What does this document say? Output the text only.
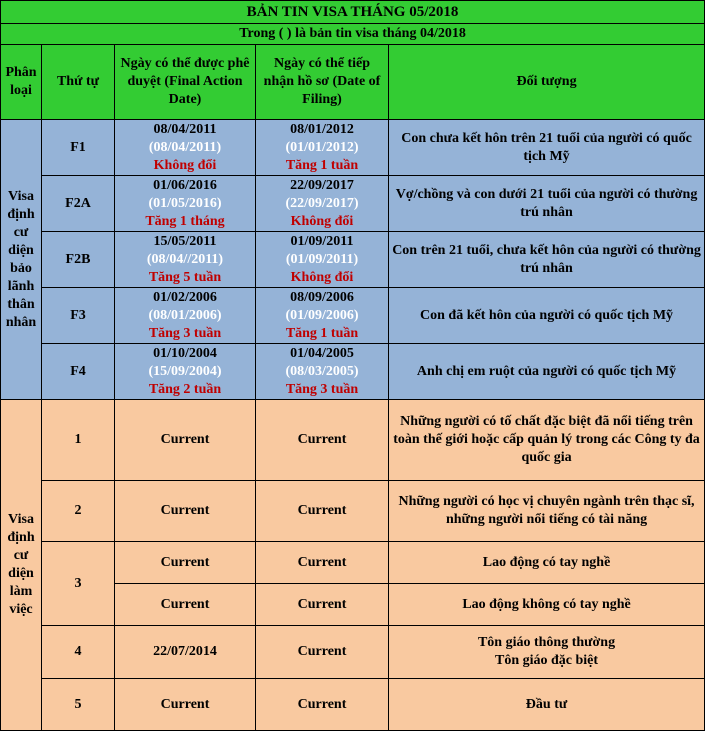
BẢN TIN VISA THÁNG 05/2018				
Trong ( ) là bản tin visa tháng 04/2018				
Phân loại	Thứ tự	Ngày có thể được phê duyệt (Final Action Date)	Ngày có thể tiếp nhận hồ sơ (Date of Filing)	Đối tượng
Visa định cư diện bảo lãnh thân nhân	F1	08/04/2011
(08/04/2011)
Không đổi	08/01/2012
(01/01/2012)
Tăng 1 tuần	Con chưa kết hôn trên 21 tuổi của người có quốc tịch Mỹ
	F2A	01/06/2016
(01/05/2016)
Tăng 1 tháng	22/09/2017
(22/09/2017)
Không đổi	Vợ/chồng và con dưới 21 tuổi của người có thường trú nhân
	F2B	15/05/2011
(08/04//2011)
Tăng 5 tuần	01/09/2011
(01/09/2011)
Không đổi	Con trên 21 tuổi, chưa kết hôn của người có thường trú nhân
	F3	01/02/2006
(08/01/2006)
Tăng 3 tuần	08/09/2006
(01/09/2006)
Tăng 1 tuần	Con đã kết hôn của người có quốc tịch Mỹ
	F4	01/10/2004
(15/09/2004)
Tăng 2 tuần	01/04/2005
(08/03/2005)
Tăng 3 tuần	Anh chị em ruột của người có quốc tịch Mỹ
Visa định cư diện làm việc	1	Current	Current	Những người có tố chất đặc biệt đã nổi tiếng trên toàn thế giới hoặc cấp quản lý trong các Công ty đa quốc gia
	2	Current	Current	Những người có học vị chuyên ngành trên thạc sĩ, những người nổi tiếng có tài năng
	3	Current	Current	Lao động có tay nghề
		Current	Current	Lao động không có tay nghề
	4	22/07/2014	Current	Tôn giáo thông thường
Tôn giáo đặc biệt

	5	Current	Current	Đầu tư
